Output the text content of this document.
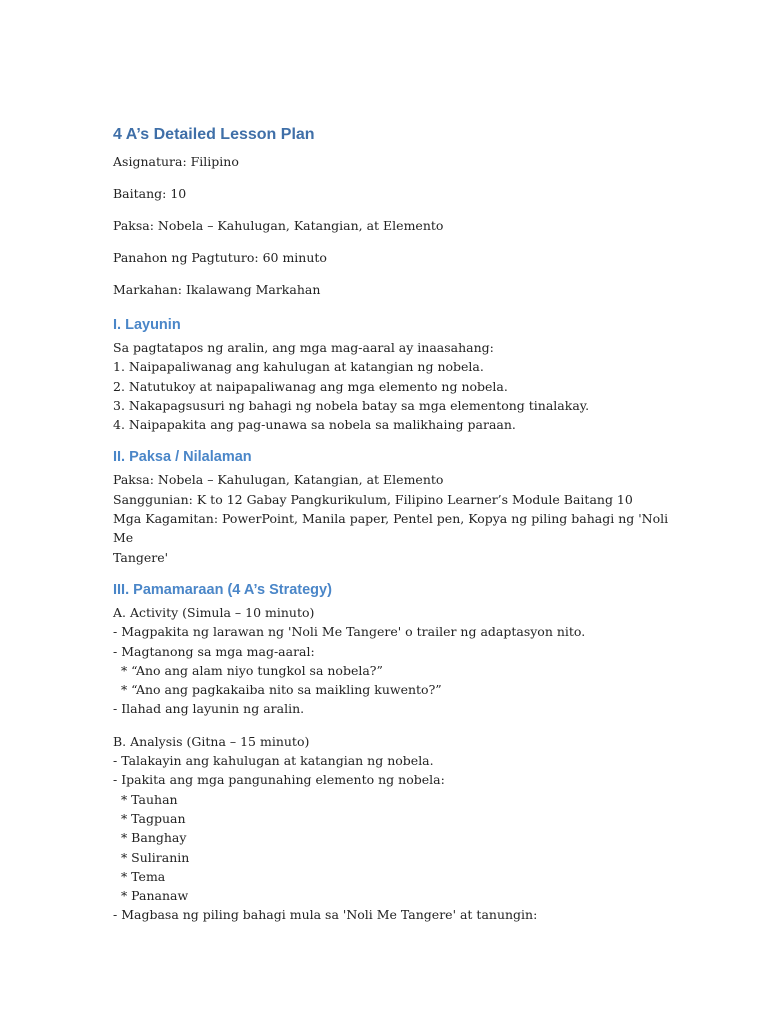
4 A’s Detailed Lesson Plan
Asignatura: Filipino
Baitang: 10
Paksa: Nobela – Kahulugan, Katangian, at Elemento
Panahon ng Pagtuturo: 60 minuto
Markahan: Ikalawang Markahan
I. Layunin
Sa pagtatapos ng aralin, ang mga mag-aaral ay inaasahang:
1. Naipapaliwanag ang kahulugan at katangian ng nobela.
2. Natutukoy at naipapaliwanag ang mga elemento ng nobela.
3. Nakapagsusuri ng bahagi ng nobela batay sa mga elementong tinalakay.
4. Naipapakita ang pag-unawa sa nobela sa malikhaing paraan.
II. Paksa / Nilalaman
Paksa: Nobela – Kahulugan, Katangian, at Elemento
Sanggunian: K to 12 Gabay Pangkurikulum, Filipino Learner’s Module Baitang 10
Mga Kagamitan: PowerPoint, Manila paper, Pentel pen, Kopya ng piling bahagi ng 'Noli Me
Tangere'
III. Pamamaraan (4 A’s Strategy)
A. Activity (Simula – 10 minuto)
- Magpakita ng larawan ng 'Noli Me Tangere' o trailer ng adaptasyon nito.
- Magtanong sa mga mag-aaral:
* “Ano ang alam niyo tungkol sa nobela?”
* “Ano ang pagkakaiba nito sa maikling kuwento?”
- Ilahad ang layunin ng aralin.
B. Analysis (Gitna – 15 minuto)
- Talakayin ang kahulugan at katangian ng nobela.
- Ipakita ang mga pangunahing elemento ng nobela:
* Tauhan
* Tagpuan
* Banghay
* Suliranin
* Tema
* Pananaw
- Magbasa ng piling bahagi mula sa 'Noli Me Tangere' at tanungin:
